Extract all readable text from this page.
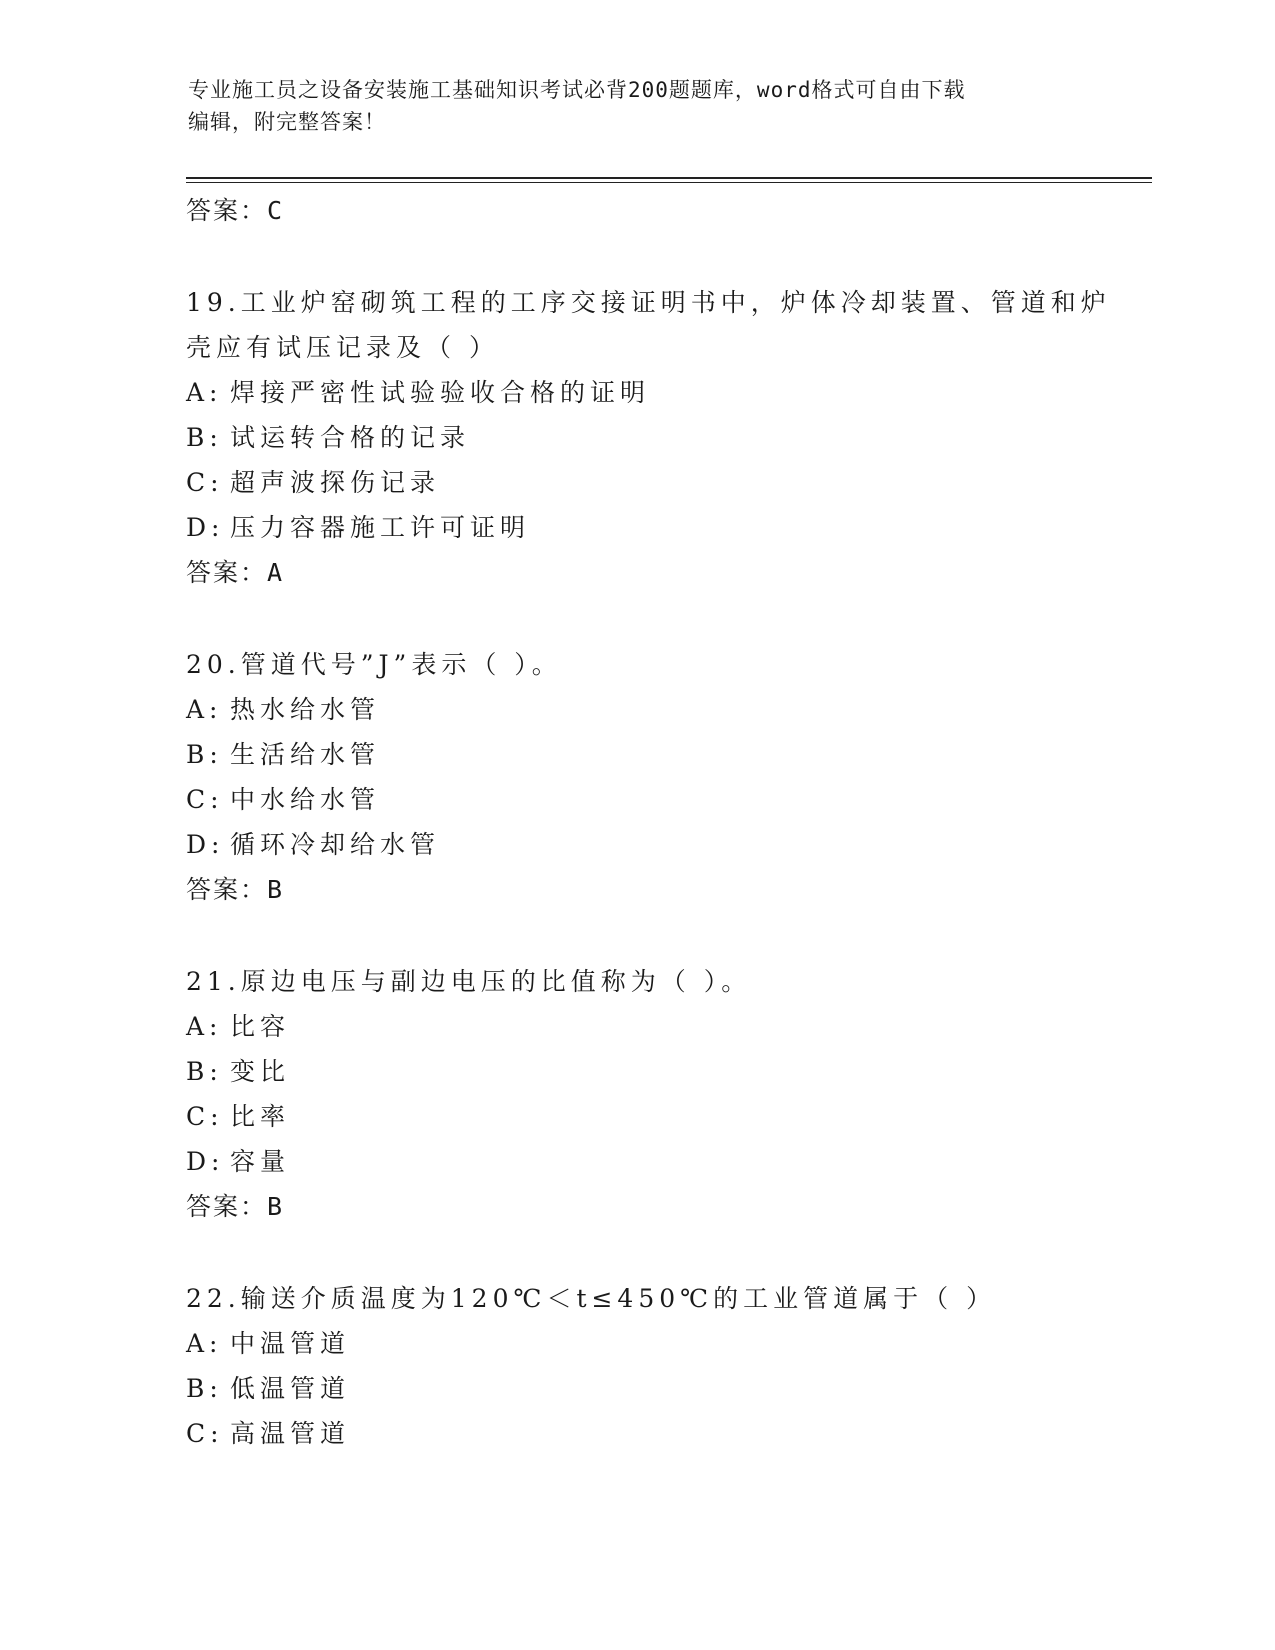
专业施工员之设备安装施工基础知识考试必背200题题库，word格式可自由下载
编辑，附完整答案！
答案：C
19.工业炉窑砌筑工程的工序交接证明书中，炉体冷却装置、管道和炉
壳应有试压记录及（ ）
A: 焊接严密性试验验收合格的证明
B: 试运转合格的记录
C: 超声波探伤记录
D: 压力容器施工许可证明
答案：A
20.管道代号”J”表示（ ）。
A: 热水给水管
B: 生活给水管
C: 中水给水管
D: 循环冷却给水管
答案：B
21.原边电压与副边电压的比值称为（ ）。
A: 比容
B: 变比
C: 比率
D: 容量
答案：B
22.输送介质温度为120℃＜t≤450℃的工业管道属于（ ）
A: 中温管道
B: 低温管道
C: 高温管道
